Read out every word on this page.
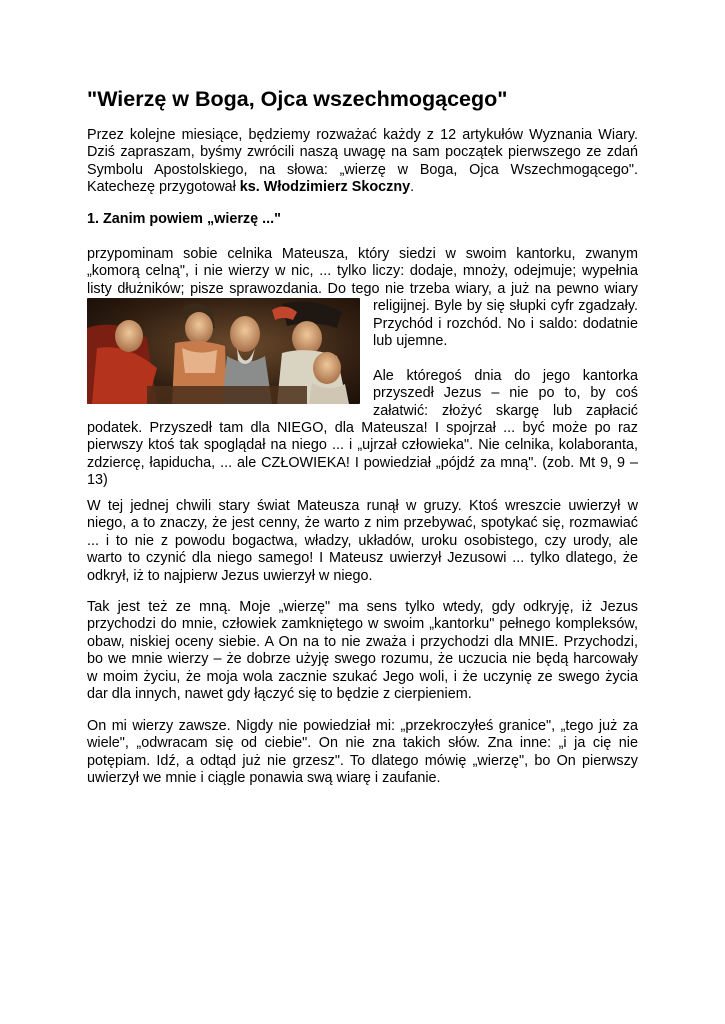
"Wierzę w Boga, Ojca wszechmogącego"

Przez kolejne miesiące, będziemy rozważać każdy z 12 artykułów Wyznania Wiary. Dziś zapraszam, byśmy zwrócili naszą uwagę na sam początek pierwszego ze zdań Symbolu Apostolskiego, na słowa: „wierzę w Boga, Ojca Wszechmogącego". Katechezę przygotował ks. Włodzimierz Skoczny.

1. Zanim powiem „wierzę ..."

przypominam sobie celnika Mateusza, który siedzi w swoim kantorku, zwanym „komorą celną", i nie wierzy w nic, ... tylko liczy: dodaje, mnoży, odejmuje; wypełnia listy dłużników; pisze sprawozdania. Do tego nie trzeba wiary, a już na pewno wiary
religijnej. Byle by się słupki cyfr zgadzały. Przychód i rozchód. No i saldo: dodatnie lub ujemne.

Ale któregoś dnia do jego kantorka przyszedł Jezus – nie po to, by coś załatwić: złożyć skargę lub zapłacić podatek. Przyszedł tam dla NIEGO, dla Mateusza! I spojrzał ... być może po raz pierwszy ktoś tak spoglądał na niego ... i „ujrzał człowieka". Nie celnika, kolaboranta, zdziercę, łapiducha, ... ale CZŁOWIEKA! I powiedział „pójdź za mną". (zob. Mt 9, 9 – 13)

W tej jednej chwili stary świat Mateusza runął w gruzy. Ktoś wreszcie uwierzył w niego, a to znaczy, że jest cenny, że warto z nim przebywać, spotykać się, rozmawiać ... i to nie z powodu bogactwa, władzy, układów, uroku osobistego, czy urody, ale warto to czynić dla niego samego! I Mateusz uwierzył Jezusowi ... tylko dlatego, że odkrył, iż to najpierw Jezus uwierzył w niego.

Tak jest też ze mną. Moje „wierzę" ma sens tylko wtedy, gdy odkryję, iż Jezus przychodzi do mnie, człowiek zamkniętego w swoim „kantorku" pełnego kompleksów, obaw, niskiej oceny siebie. A On na to nie zważa i przychodzi dla MNIE. Przychodzi, bo we mnie wierzy – że dobrze użyję swego rozumu, że uczucia nie będą harcowały w moim życiu, że moja wola zacznie szukać Jego woli, i że uczynię ze swego życia dar dla innych, nawet gdy łączyć się to będzie z cierpieniem.

On mi wierzy zawsze. Nigdy nie powiedział mi: „przekroczyłeś granice", „tego już za wiele", „odwracam się od ciebie". On nie zna takich słów. Zna inne: „i ja cię nie potępiam. Idź, a odtąd już nie grzesz". To dlatego mówię „wierzę", bo On pierwszy uwierzył we mnie i ciągle ponawia swą wiarę i zaufanie.
